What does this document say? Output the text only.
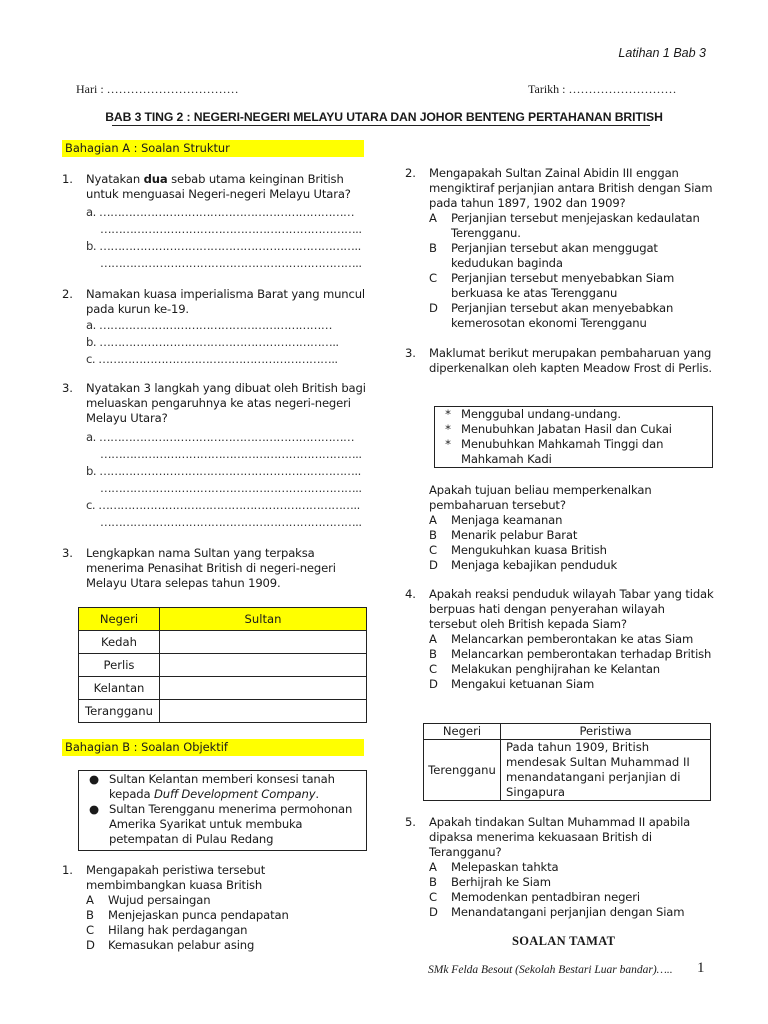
Latihan 1 Bab 3
Hari : ……………………………	Tarikh : ………………………
BAB 3 TING 2 : NEGERI-NEGERI MELAYU UTARA DAN JOHOR BENTENG PERTAHANAN BRITISH
Bahagian A : Soalan Struktur
1.	Nyatakan dua sebab utama keinginan British untuk menguasai Negeri-negeri Melayu Utara?
a. ……………………………………………………………
……………………………………………………………..
b. ……………………………………………………………..
……………………………………………………………..
2.	Namakan kuasa imperialisma Barat yang muncul pada kurun ke-19.
a. ………………………………………………………
b. ………………………………………………………..
c. ………………………………………………………..
3.	Nyatakan 3 langkah yang dibuat oleh British bagi meluaskan pengaruhnya ke atas negeri-negeri Melayu Utara?
a. ……………………………………………………………
……………………………………………………………..
b. ……………………………………………………………..
……………………………………………………………..
c. ……………………………………………………………..
……………………………………………………………..
3.	Lengkapkan nama Sultan yang terpaksa menerima Penasihat British di negeri-negeri Melayu Utara selepas tahun 1909.
Negeri	Sultan
Kedah	
Perlis	
Kelantan	
Terangganu	
Bahagian B : Soalan Objektif
● Sultan Kelantan memberi konsesi tanah kepada Duff Development Company.
● Sultan Terengganu menerima permohonan Amerika Syarikat untuk membuka petempatan di Pulau Redang
1.	Mengapakah peristiwa tersebut membimbangkan kuasa British
A	Wujud persaingan
B	Menjejaskan punca pendapatan
C	Hilang hak perdagangan
D	Kemasukan pelabur asing
2.	Mengapakah Sultan Zainal Abidin III enggan mengiktiraf perjanjian antara British dengan Siam pada tahun 1897, 1902 dan 1909?
A	Perjanjian tersebut menjejaskan kedaulatan Terengganu.
B	Perjanjian tersebut akan menggugat kedudukan baginda
C	Perjanjian tersebut menyebabkan Siam berkuasa ke atas Terengganu
D	Perjanjian tersebut akan menyebabkan kemerosotan ekonomi Terengganu
3.	Maklumat berikut merupakan pembaharuan yang diperkenalkan oleh kapten Meadow Frost di Perlis.
* Menggubal undang-undang.
* Menubuhkan Jabatan Hasil dan Cukai
* Menubuhkan Mahkamah Tinggi dan Mahkamah Kadi
Apakah tujuan beliau memperkenalkan pembaharuan tersebut?
A	Menjaga keamanan
B	Menarik pelabur Barat
C	Mengukuhkan kuasa British
D	Menjaga kebajikan penduduk
4.	Apakah reaksi penduduk wilayah Tabar yang tidak berpuas hati dengan penyerahan wilayah tersebut oleh British kepada Siam?
A	Melancarkan pemberontakan ke atas Siam
B	Melancarkan pemberontakan terhadap British
C	Melakukan penghijrahan ke Kelantan
D	Mengakui ketuanan Siam
Negeri	Peristiwa
Terengganu	Pada tahun 1909, British mendesak Sultan Muhammad II menandatangani perjanjian di Singapura
5.	Apakah tindakan Sultan Muhammad II apabila dipaksa menerima kekuasaan British di Terangganu?
A	Melepaskan tahkta
B	Berhijrah ke Siam
C	Memodenkan pentadbiran negeri
D	Menandatangani perjanjian dengan Siam
SOALAN TAMAT
SMk Felda Besout (Sekolah Bestari Luar bandar)….. 1
